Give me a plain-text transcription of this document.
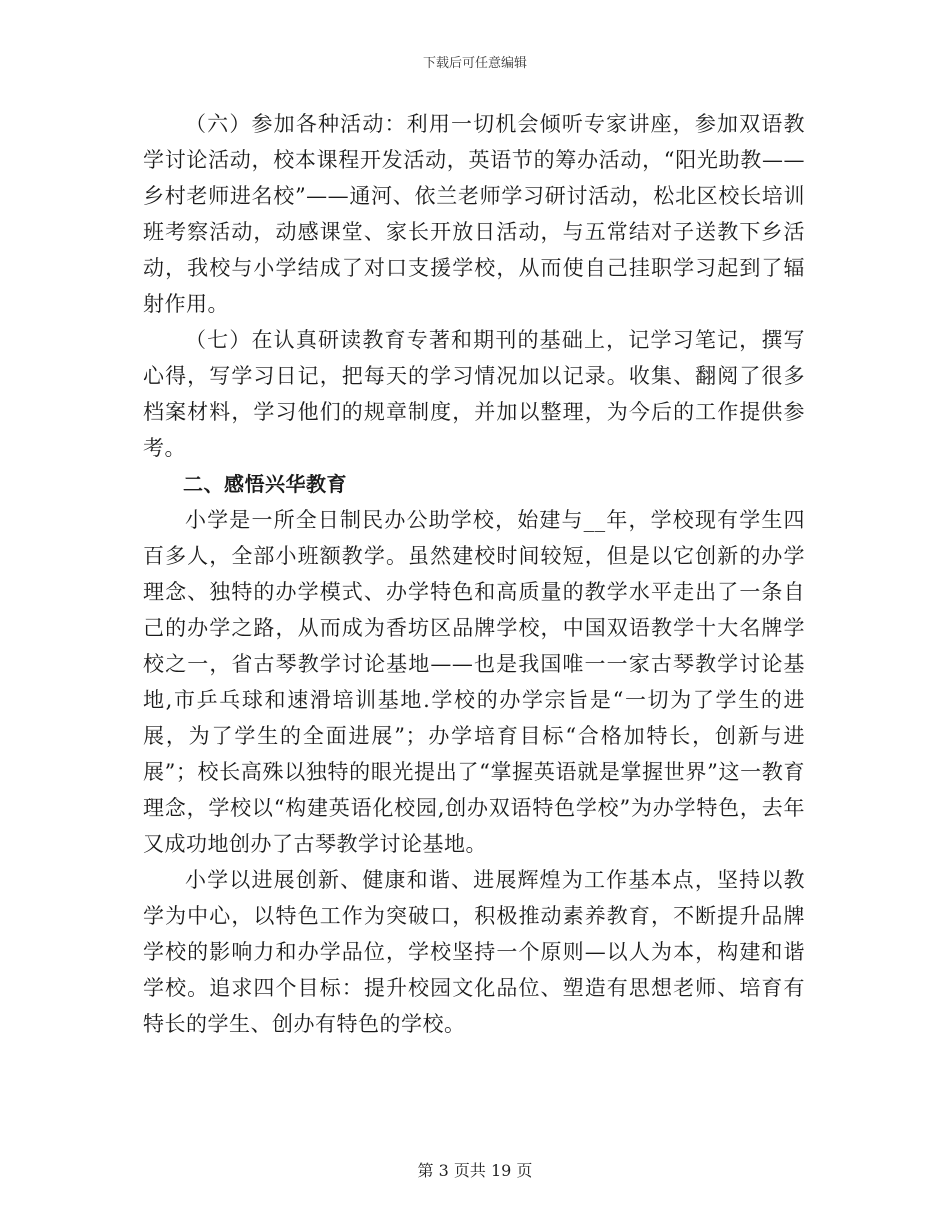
下载后可任意编辑

（六）参加各种活动：利用一切机会倾听专家讲座，参加双语教学讨论活动，校本课程开发活动，英语节的筹办活动，“阳光助教——乡村老师进名校”——通河、依兰老师学习研讨活动，松北区校长培训班考察活动，动感课堂、家长开放日活动，与五常结对子送教下乡活动，我校与小学结成了对口支援学校，从而使自己挂职学习起到了辐射作用。

（七）在认真研读教育专著和期刊的基础上，记学习笔记，撰写心得，写学习日记，把每天的学习情况加以记录。收集、翻阅了很多档案材料，学习他们的规章制度，并加以整理，为今后的工作提供参考。

二、感悟兴华教育

小学是一所全日制民办公助学校，始建与__年，学校现有学生四百多人，全部小班额教学。虽然建校时间较短，但是以它创新的办学理念、独特的办学模式、办学特色和高质量的教学水平走出了一条自己的办学之路，从而成为香坊区品牌学校，中国双语教学十大名牌学校之一，省古琴教学讨论基地——也是我国唯一一家古琴教学讨论基地,市乒乓球和速滑培训基地.学校的办学宗旨是“一切为了学生的进展，为了学生的全面进展”；办学培育目标“合格加特长，创新与进展”；校长高殊以独特的眼光提出了“掌握英语就是掌握世界”这一教育理念，学校以“构建英语化校园,创办双语特色学校”为办学特色，去年又成功地创办了古琴教学讨论基地。

小学以进展创新、健康和谐、进展辉煌为工作基本点，坚持以教学为中心，以特色工作为突破口，积极推动素养教育，不断提升品牌学校的影响力和办学品位，学校坚持一个原则—以人为本，构建和谐学校。追求四个目标：提升校园文化品位、塑造有思想老师、培育有特长的学生、创办有特色的学校。

第 3 页共 19 页
